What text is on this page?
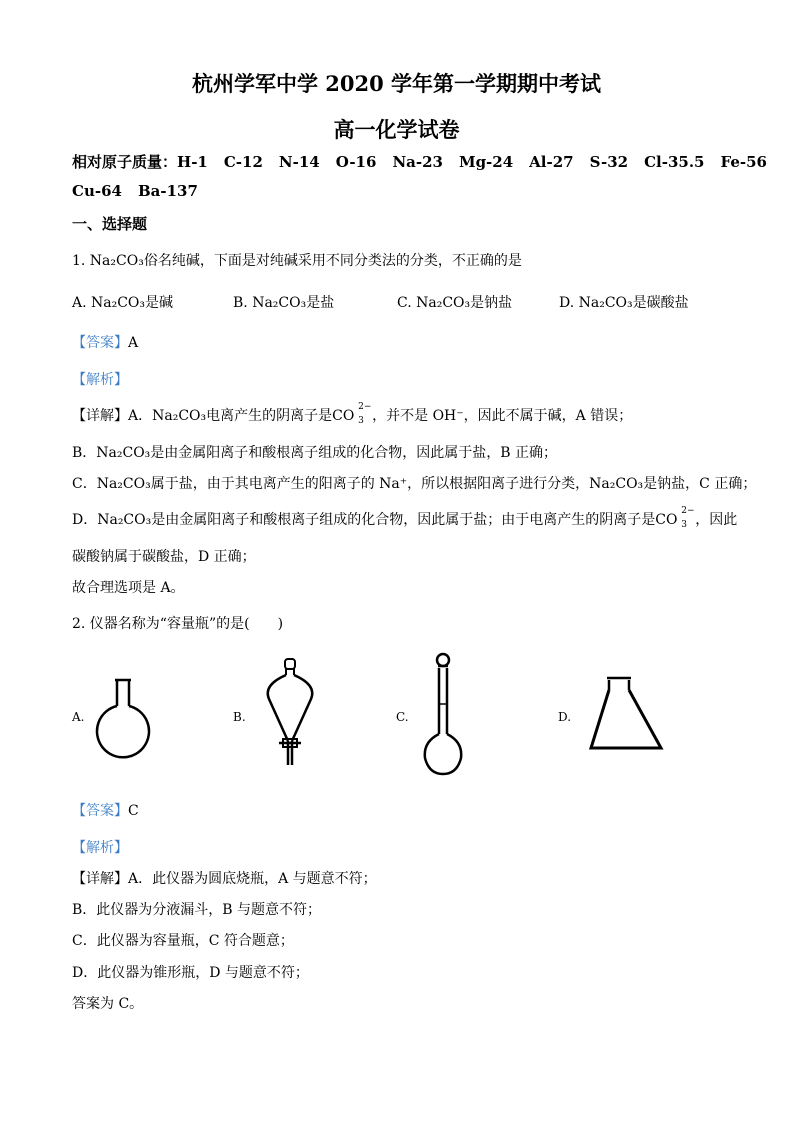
杭州学军中学 2020 学年第一学期期中考试
高一化学试卷
相对原子质量：H-1 C-12 N-14 O-16 Na-23 Mg-24 Al-27 S-32 Cl-35.5 Fe-56
Cu-64 Ba-137
一、选择题
1. Na₂CO₃俗名纯碱，下面是对纯碱采用不同分类法的分类，不正确的是
A. Na₂CO₃是碱	B. Na₂CO₃是盐	C. Na₂CO₃是钠盐	D. Na₂CO₃是碳酸盐
【答案】A
【解析】
【详解】A．Na₂CO₃电离产生的阴离子是CO
2−
3 ，并不是 OH⁻，因此不属于碱，A 错误；
B．Na₂CO₃是由金属阳离子和酸根离子组成的化合物，因此属于盐，B 正确；
C．Na₂CO₃属于盐，由于其电离产生的阳离子的 Na⁺，所以根据阳离子进行分类，Na₂CO₃是钠盐，C 正确；
D．Na₂CO₃是由金属阳离子和酸根离子组成的化合物，因此属于盐；由于电离产生的阴离子是CO
2−
3 ，因此
碳酸钠属于碳酸盐，D 正确；
故合理选项是 A。
2. 仪器名称为“容量瓶”的是(　　)
A.	B.	C.	D.
【答案】C
【解析】
【详解】A．此仪器为圆底烧瓶，A 与题意不符；
B．此仪器为分液漏斗，B 与题意不符；
C．此仪器为容量瓶，C 符合题意；
D．此仪器为锥形瓶，D 与题意不符；
答案为 C。
